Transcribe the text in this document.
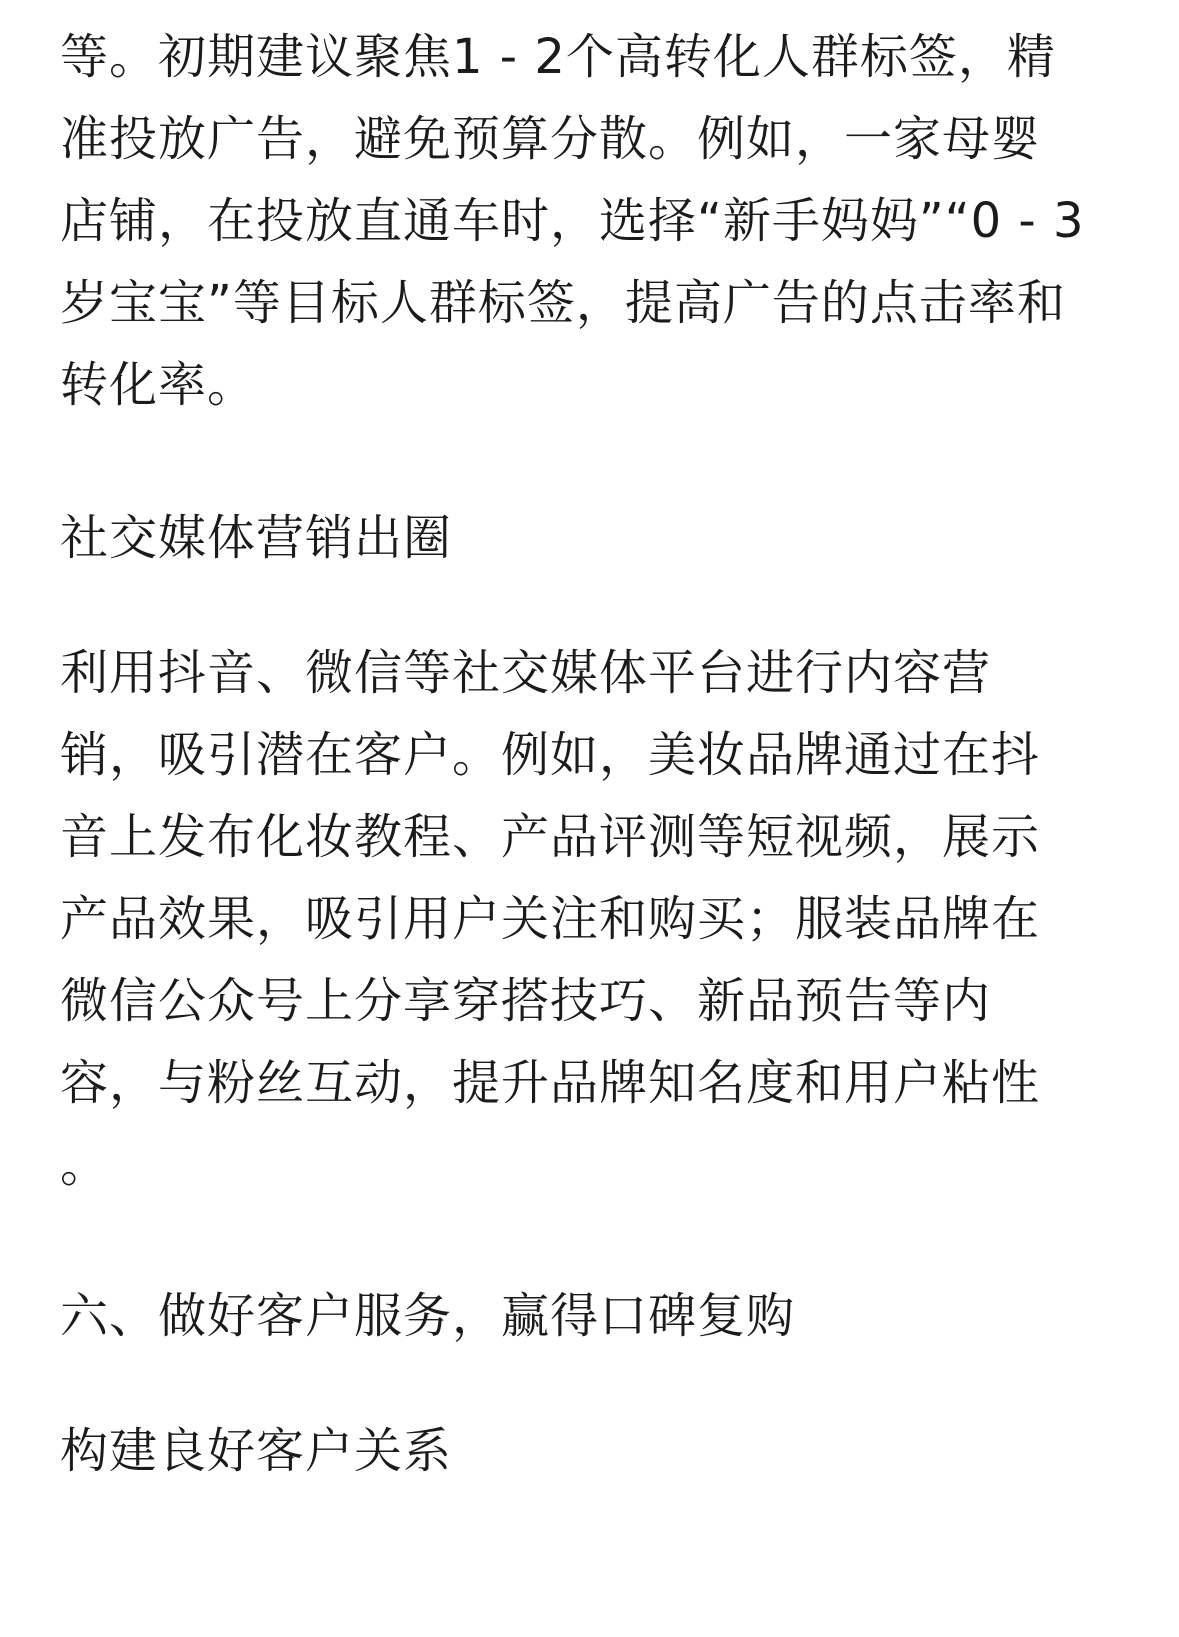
等。初期建议聚焦1 - 2个高转化人群标签，精
准投放广告，避免预算分散。例如，一家母婴
店铺，在投放直通车时，选择“新手妈妈”“0 - 3
岁宝宝”等目标人群标签，提高广告的点击率和
转化率。
社交媒体营销出圈
利用抖音、微信等社交媒体平台进行内容营
销，吸引潜在客户。例如，美妆品牌通过在抖
音上发布化妆教程、产品评测等短视频，展示
产品效果，吸引用户关注和购买；服装品牌在
微信公众号上分享穿搭技巧、新品预告等内
容，与粉丝互动，提升品牌知名度和用户粘性
。
六、做好客户服务，赢得口碑复购
构建良好客户关系
